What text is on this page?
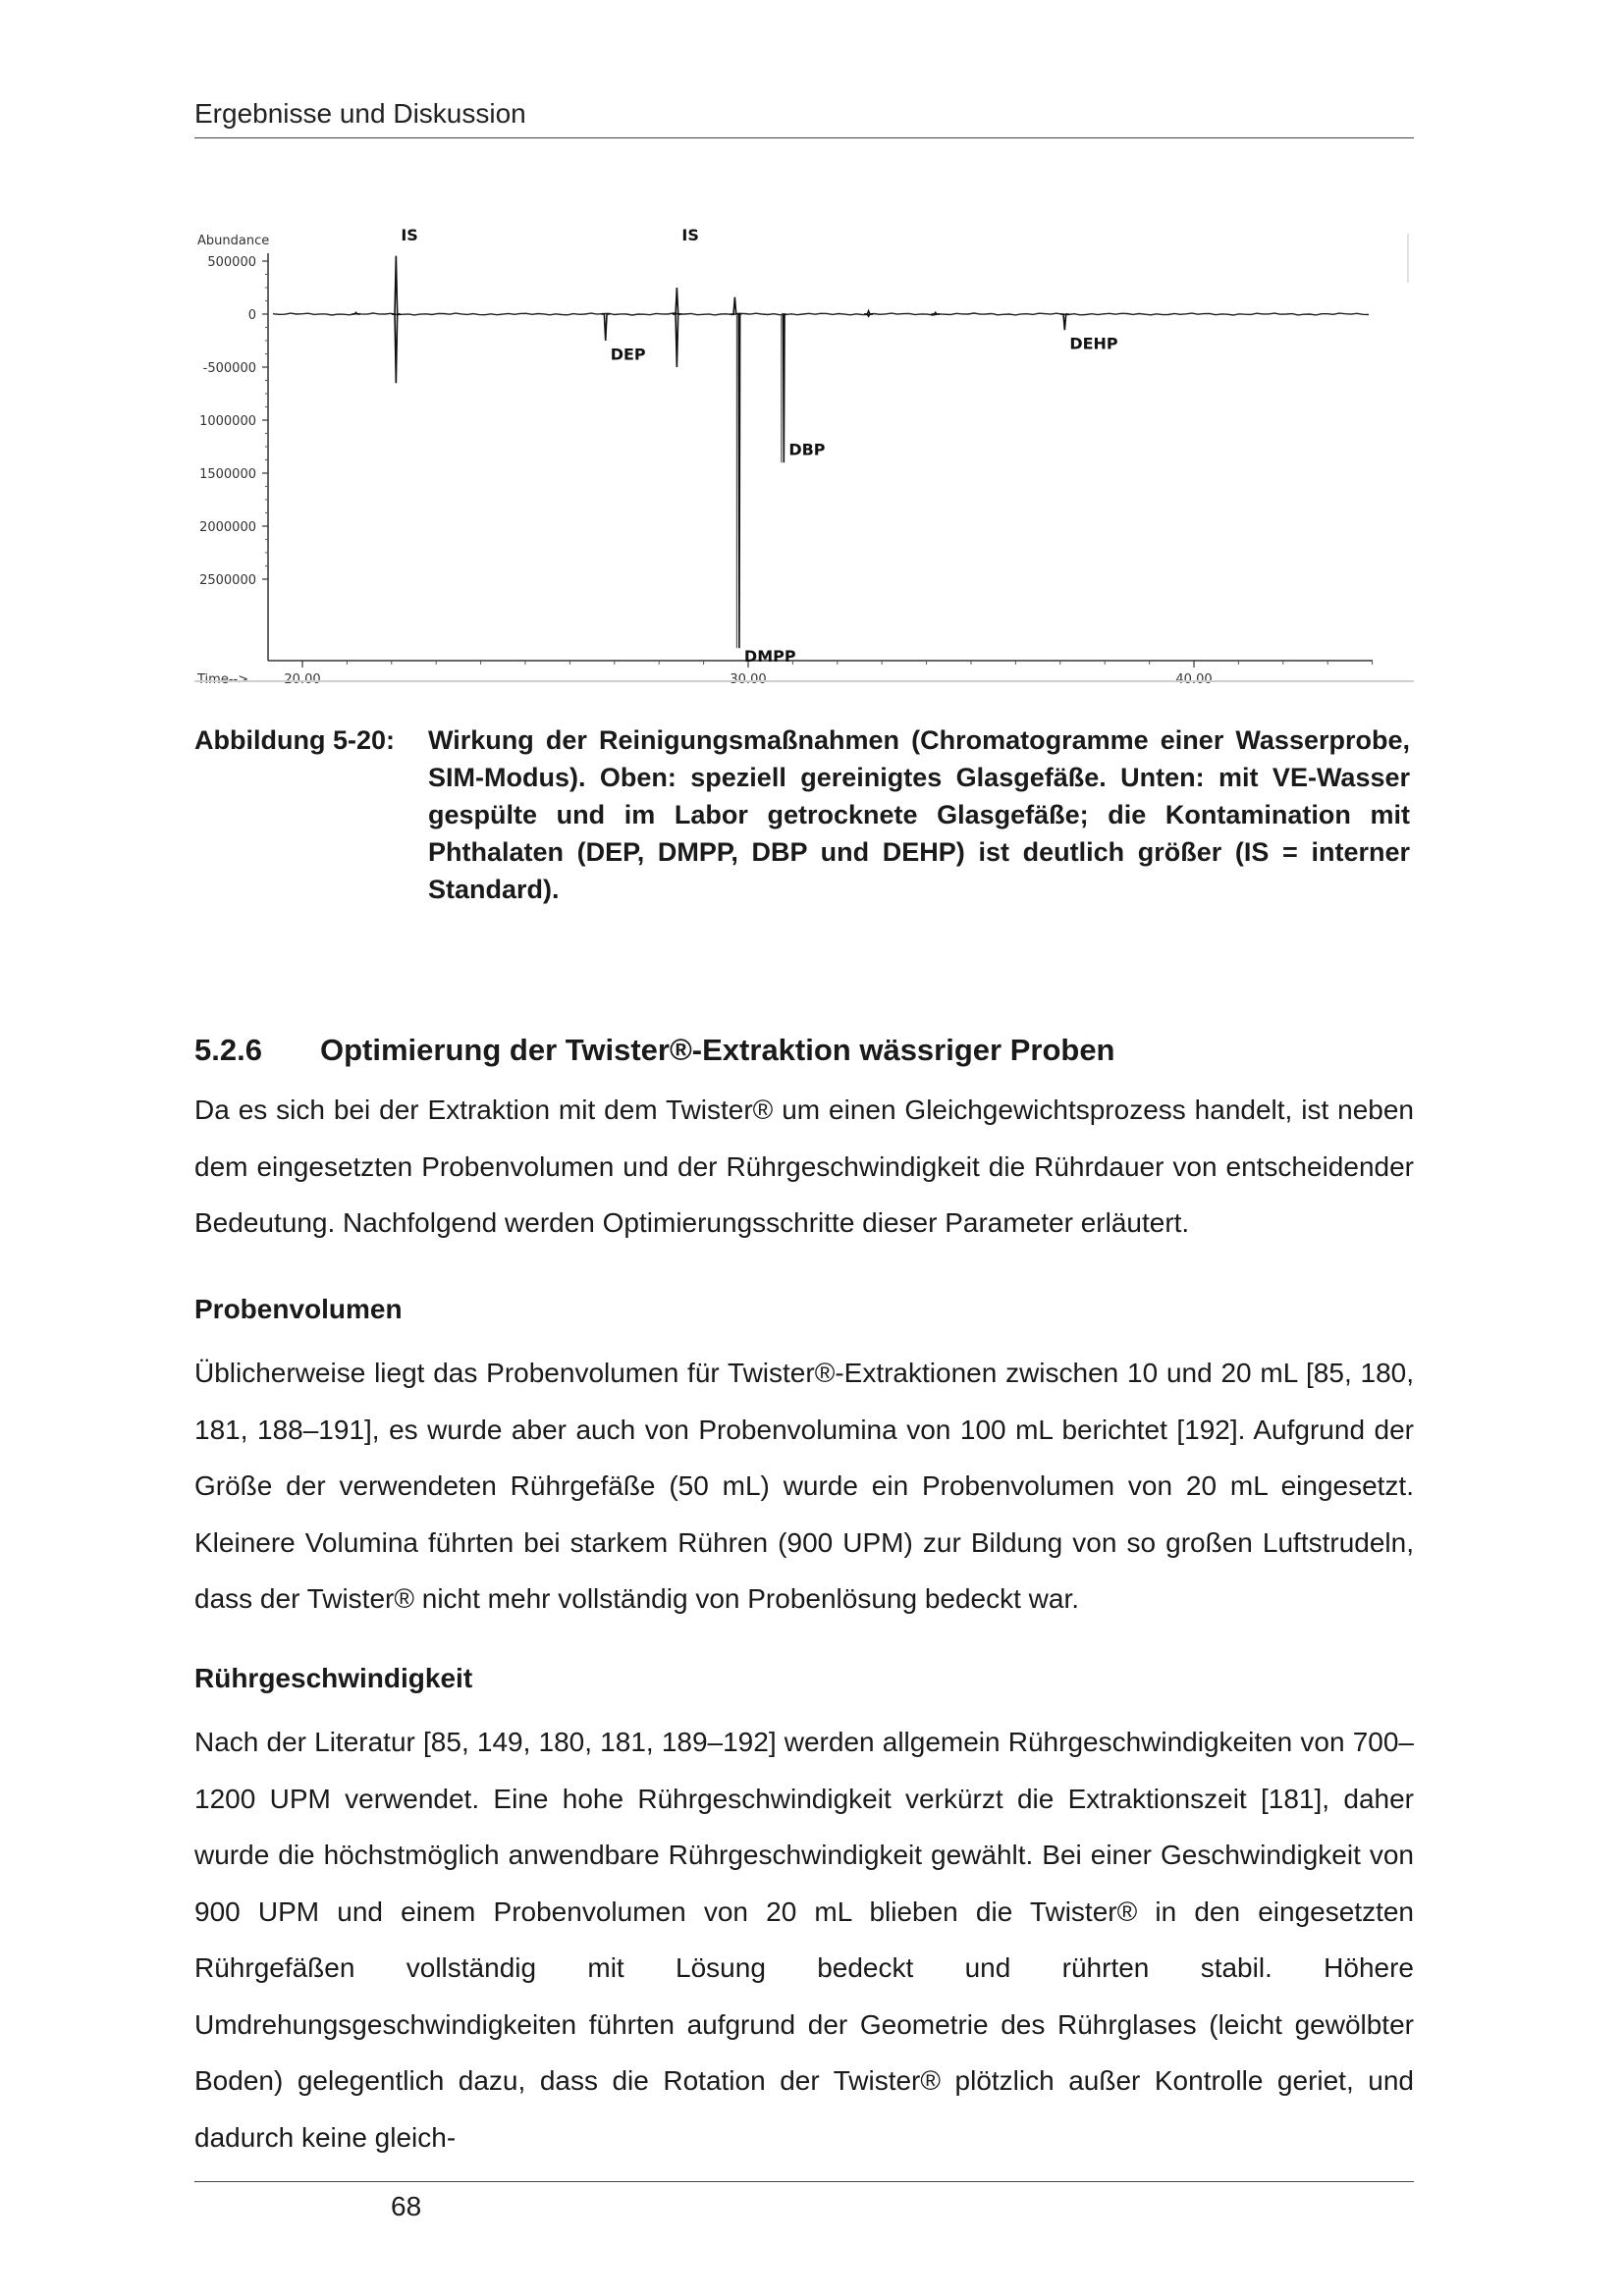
Ergebnisse und Diskussion
Abundance
500000
0
-500000
1000000
1500000
2000000
2500000
Time-->	20.00	30.00	40.00
IS	IS
DEP
DBP
DMPP
DEHP
Abbildung 5-20: Wirkung der Reinigungsmaßnahmen (Chromatogramme einer Wasserprobe, SIM-Modus). Oben: speziell gereinigtes Glasgefäße. Unten: mit VE-Wasser gespülte und im Labor getrocknete Glasgefäße; die Kontamination mit Phthalaten (DEP, DMPP, DBP und DEHP) ist deutlich größer (IS = interner Standard).
5.2.6 Optimierung der Twister®-Extraktion wässriger Proben

Da es sich bei der Extraktion mit dem Twister® um einen Gleichgewichtsprozess handelt, ist neben dem eingesetzten Probenvolumen und der Rührgeschwindigkeit die Rührdauer von entscheidender Bedeutung. Nachfolgend werden Optimierungsschritte dieser Parameter erläutert.

Probenvolumen

Üblicherweise liegt das Probenvolumen für Twister®-Extraktionen zwischen 10 und 20 mL [85, 180, 181, 188–191], es wurde aber auch von Probenvolumina von 100 mL berichtet [192]. Aufgrund der Größe der verwendeten Rührgefäße (50 mL) wurde ein Probenvolumen von 20 mL eingesetzt. Kleinere Volumina führten bei starkem Rühren (900 UPM) zur Bildung von so großen Luftstrudeln, dass der Twister® nicht mehr vollständig von Probenlösung bedeckt war.

Rührgeschwindigkeit

Nach der Literatur [85, 149, 180, 181, 189–192] werden allgemein Rührgeschwindigkeiten von 700–1200 UPM verwendet. Eine hohe Rührgeschwindigkeit verkürzt die Extraktionszeit [181], daher wurde die höchstmöglich anwendbare Rührgeschwindigkeit gewählt. Bei einer Geschwindigkeit von 900 UPM und einem Probenvolumen von 20 mL blieben die Twister® in den eingesetzten Rührgefäßen vollständig mit Lösung bedeckt und rührten stabil. Höhere Umdrehungsgeschwindigkeiten führten aufgrund der Geometrie des Rührglases (leicht gewölbter Boden) gelegentlich dazu, dass die Rotation der Twister® plötzlich außer Kontrolle geriet, und dadurch keine gleich-

68
